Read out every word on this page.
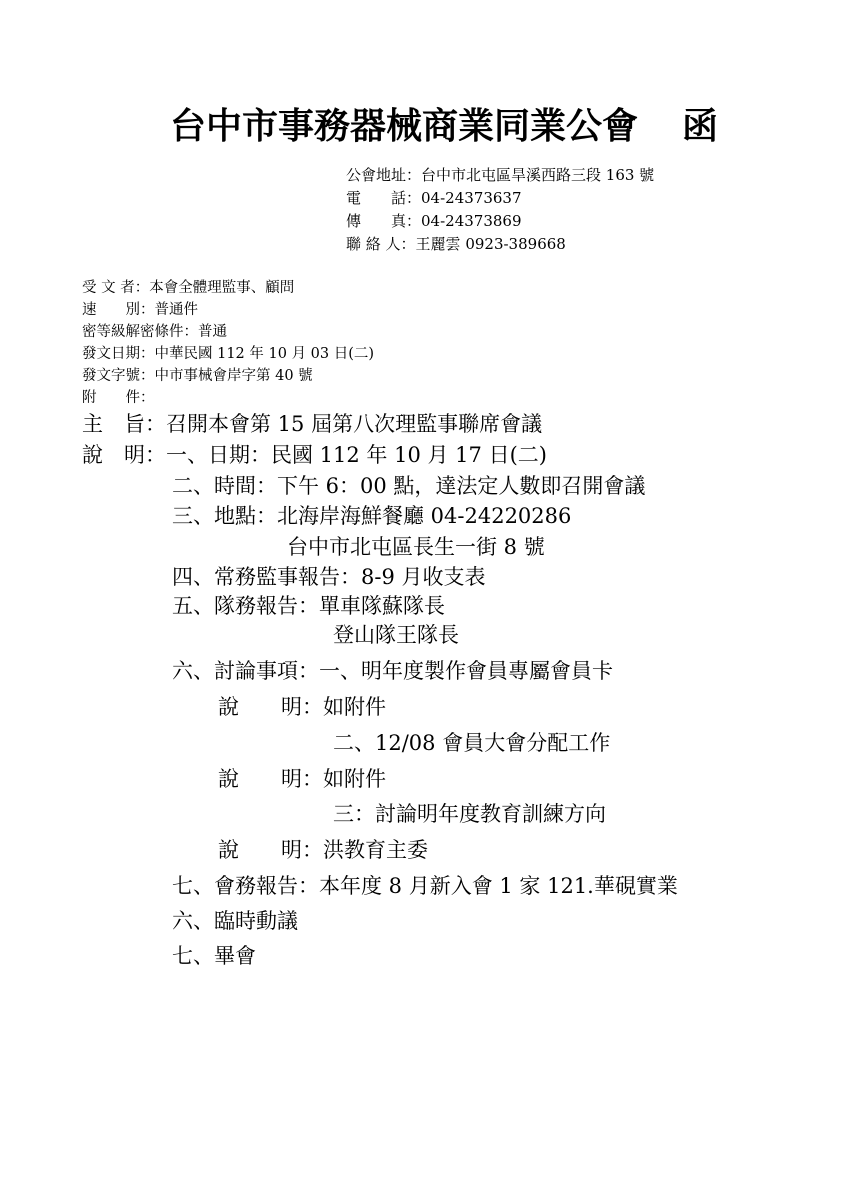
台中市事務器械商業同業公會 函
公會地址：台中市北屯區旱溪西路三段 163 號
電　　話：04-24373637
傳　　真：04-24373869
聯 絡 人：王麗雲 0923-389668
受 文 者：本會全體理監事、顧問
速　　別：普通件
密等級解密條件：普通
發文日期：中華民國 112 年 10 月 03 日(二)
發文字號：中市事械會岸字第 40 號
附　　件：
主　旨：召開本會第 15 屆第八次理監事聯席會議
說　明：一、日期：民國 112 年 10 月 17 日(二)
二、時間：下午 6：00 點，達法定人數即召開會議
三、地點：北海岸海鮮餐廳 04-24220286
台中市北屯區長生一街 8 號
四、常務監事報告：8-9 月收支表
五、隊務報告：單車隊蘇隊長
登山隊王隊長
六、討論事項：一、明年度製作會員專屬會員卡
說　　明：如附件
二、12/08 會員大會分配工作
說　　明：如附件
三：討論明年度教育訓練方向
說　　明：洪教育主委
七、會務報告：本年度 8 月新入會 1 家 121.華硯實業
六、臨時動議
七、畢會
